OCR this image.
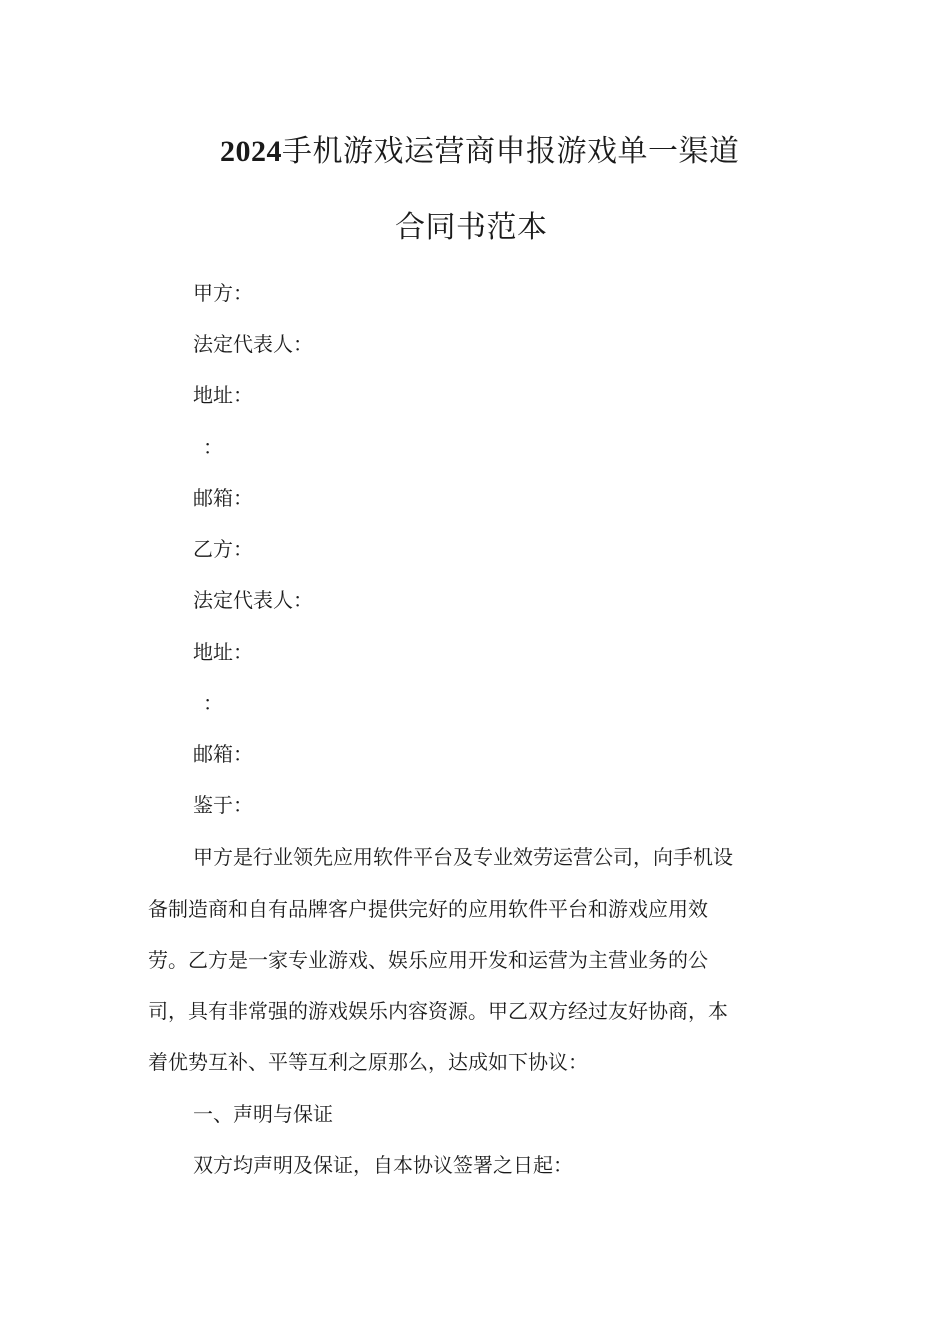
2024手机游戏运营商申报游戏单一渠道
合同书范本
甲方：
法定代表人：
地址：
：
邮箱：
乙方：
法定代表人：
地址：
：
邮箱：
鉴于：
甲方是行业领先应用软件平台及专业效劳运营公司，向手机设
备制造商和自有品牌客户提供完好的应用软件平台和游戏应用效
劳。乙方是一家专业游戏、娱乐应用开发和运营为主营业务的公
司，具有非常强的游戏娱乐内容资源。甲乙双方经过友好协商，本
着优势互补、平等互利之原那么，达成如下协议：
一、声明与保证
双方均声明及保证，自本协议签署之日起：
